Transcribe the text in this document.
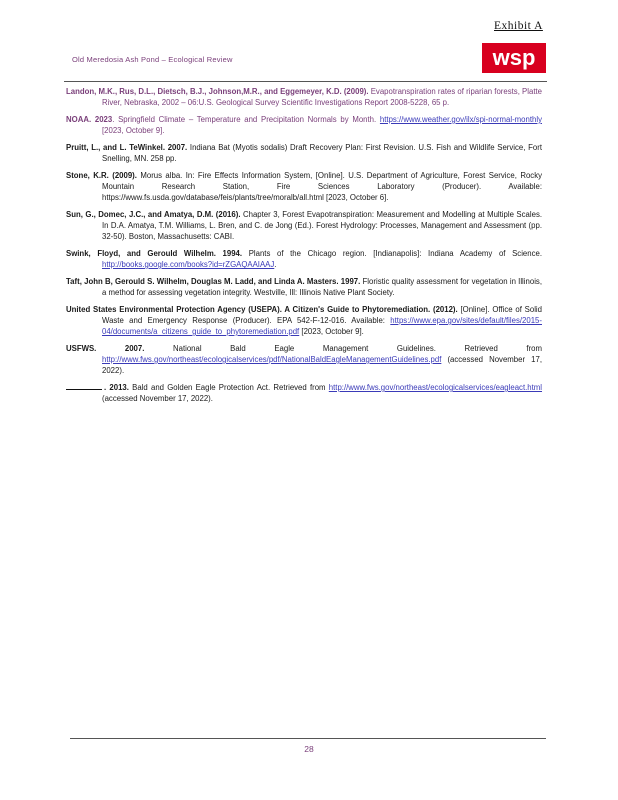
Exhibit A
Old Meredosia Ash Pond – Ecological Review	wsp

Landon, M.K., Rus, D.L., Dietsch, B.J., Johnson,M.R., and Eggemeyer, K.D. (2009). Evapotranspiration rates of riparian forests, Platte River, Nebraska, 2002 – 06:U.S. Geological Survey Scientific Investigations Report 2008-5228, 65 p.

NOAA. 2023. Springfield Climate – Temperature and Precipitation Normals by Month. https://www.weather.gov/ilx/spi-normal-monthly [2023, October 9].

Pruitt, L., and L. TeWinkel. 2007. Indiana Bat (Myotis sodalis) Draft Recovery Plan: First Revision. U.S. Fish and Wildlife Service, Fort Snelling, MN. 258 pp.

Stone, K.R. (2009). Morus alba. In: Fire Effects Information System, [Online]. U.S. Department of Agriculture, Forest Service, Rocky Mountain Research Station, Fire Sciences Laboratory (Producer). Available: https://www.fs.usda.gov/database/feis/plants/tree/moralb/all.html [2023, October 6].

Sun, G., Domec, J.C., and Amatya, D.M. (2016). Chapter 3, Forest Evapotranspiration: Measurement and Modelling at Multiple Scales. In D.A. Amatya, T.M. Williams, L. Bren, and C. de Jong (Ed.). Forest Hydrology: Processes, Management and Assessment (pp. 32-50). Boston, Massachusetts: CABI.

Swink, Floyd, and Gerould Wilhelm. 1994. Plants of the Chicago region. [Indianapolis]: Indiana Academy of Science. http://books.google.com/books?id=rZGAQAAIAAJ.

Taft, John B, Gerould S. Wilhelm, Douglas M. Ladd, and Linda A. Masters. 1997. Floristic quality assessment for vegetation in Illinois, a method for assessing vegetation integrity. Westville, Ill: Illinois Native Plant Society.

United States Environmental Protection Agency (USEPA). A Citizen's Guide to Phytoremediation. (2012). [Online]. Office of Solid Waste and Emergency Response (Producer). EPA 542-F-12-016. Available: https://www.epa.gov/sites/default/files/2015-04/documents/a_citizens_guide_to_phytoremediation.pdf [2023, October 9].

USFWS. 2007. National Bald Eagle Management Guidelines. Retrieved from http://www.fws.gov/northeast/ecologicalservices/pdf/NationalBaldEagleManagementGuidelines.pdf (accessed November 17, 2022).

. 2013. Bald and Golden Eagle Protection Act. Retrieved from http://www.fws.gov/northeast/ecologicalservices/eagleact.html (accessed November 17, 2022).

28
